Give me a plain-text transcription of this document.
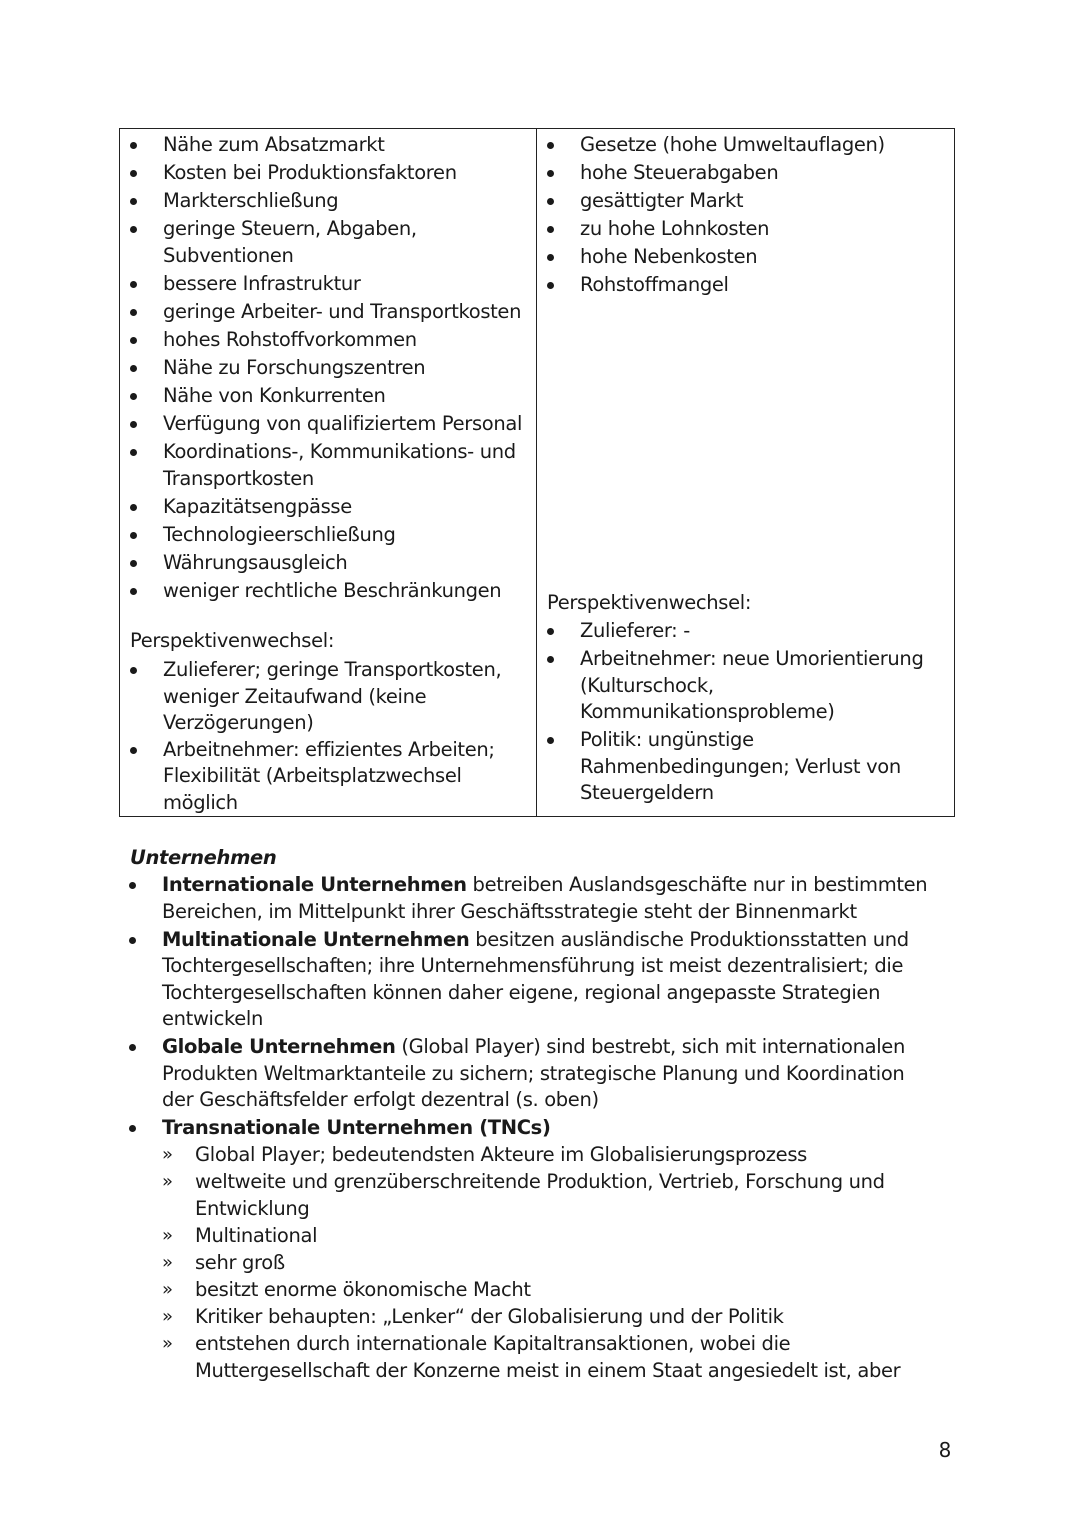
Nähe zum Absatzmarkt
Kosten bei Produktionsfaktoren
Markterschließung
geringe Steuern, Abgaben, Subventionen
bessere Infrastruktur
geringe Arbeiter- und Transportkosten
hohes Rohstoffvorkommen
Nähe zu Forschungszentren
Nähe von Konkurrenten
Verfügung von qualifiziertem Personal
Koordinations-, Kommunikations- und Transportkosten
Kapazitätsengpässe
Technologieerschließung
Währungsausgleich
weniger rechtliche Beschränkungen
Perspektivenwechsel:
Zulieferer; geringe Transportkosten, weniger Zeitaufwand (keine Verzögerungen)
Arbeitnehmer: effizientes Arbeiten; Flexibilität (Arbeitsplatzwechsel möglich

Gesetze (hohe Umweltauflagen)
hohe Steuerabgaben
gesättigter Markt
zu hohe Lohnkosten
hohe Nebenkosten
Rohstoffmangel
Perspektivenwechsel:
Zulieferer: -
Arbeitnehmer: neue Umorientierung (Kulturschock, Kommunikationsprobleme)
Politik: ungünstige Rahmenbedingungen; Verlust von Steuergeldern
Unternehmen
Internationale Unternehmen betreiben Auslandsgeschäfte nur in bestimmten Bereichen, im Mittelpunkt ihrer Geschäftsstrategie steht der Binnenmarkt
Multinationale Unternehmen besitzen ausländische Produktionsstatten und Tochtergesellschaften; ihre Unternehmensführung ist meist dezentralisiert; die Tochtergesellschaften können daher eigene, regional angepasste Strategien entwickeln
Globale Unternehmen (Global Player) sind bestrebt, sich mit internationalen Produkten Weltmarktanteile zu sichern; strategische Planung und Koordination der Geschäftsfelder erfolgt dezentral (s. oben)
Transnationale Unternehmen (TNCs)
» Global Player; bedeutendsten Akteure im Globalisierungsprozess
» weltweite und grenzüberschreitende Produktion, Vertrieb, Forschung und Entwicklung
» Multinational
» sehr groß
» besitzt enorme ökonomische Macht
» Kritiker behaupten: „Lenker“ der Globalisierung und der Politik
» entstehen durch internationale Kapitaltransaktionen, wobei die Muttergesellschaft der Konzerne meist in einem Staat angesiedelt ist, aber
8
